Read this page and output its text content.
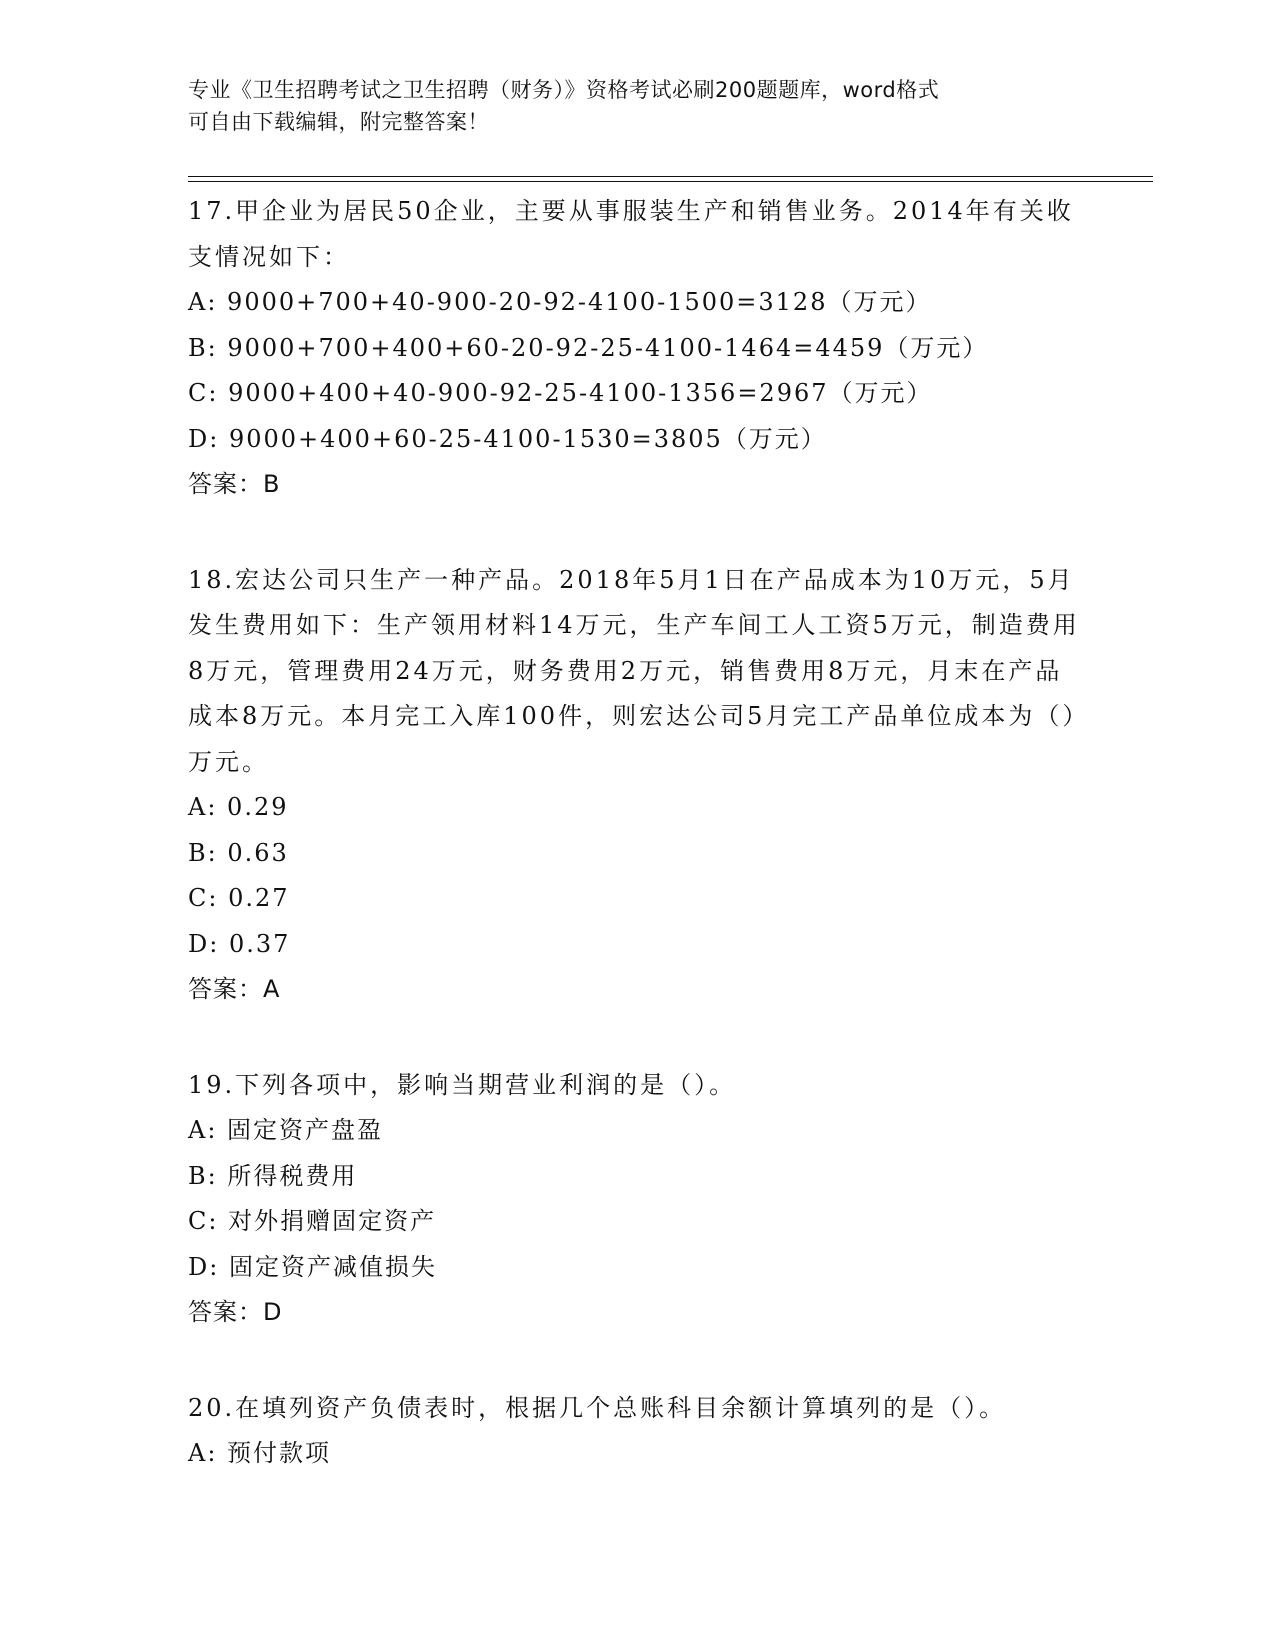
专业《卫生招聘考试之卫生招聘（财务）》资格考试必刷200题题库，word格式
可自由下载编辑，附完整答案！
17.甲企业为居民50企业，主要从事服装生产和销售业务。2014年有关收支情况如下：
A: 9000+700+40-900-20-92-4100-1500=3128（万元）
B: 9000+700+400+60-20-92-25-4100-1464=4459（万元）
C: 9000+400+40-900-92-25-4100-1356=2967（万元）
D: 9000+400+60-25-4100-1530=3805（万元）
答案：B
18.宏达公司只生产一种产品。2018年5月1日在产品成本为10万元，5月发生费用如下：生产领用材料14万元，生产车间工人工资5万元，制造费用8万元，管理费用24万元，财务费用2万元，销售费用8万元，月末在产品成本8万元。本月完工入库100件，则宏达公司5月完工产品单位成本为（）万元。
A: 0.29
B: 0.63
C: 0.27
D: 0.37
答案：A
19.下列各项中，影响当期营业利润的是（）。
A: 固定资产盘盈
B: 所得税费用
C: 对外捐赠固定资产
D: 固定资产减值损失
答案：D
20.在填列资产负债表时，根据几个总账科目余额计算填列的是（）。
A: 预付款项
